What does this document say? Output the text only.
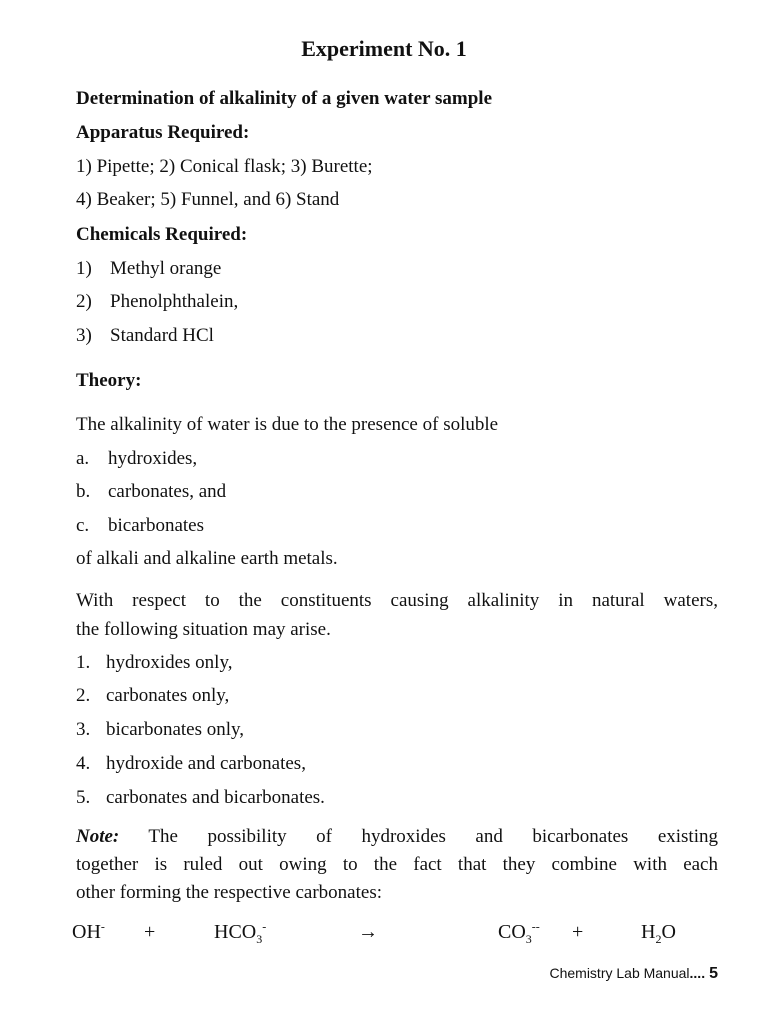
Experiment No. 1
Determination of alkalinity of a given water sample
Apparatus Required:
1) Pipette; 2) Conical flask; 3) Burette;
4) Beaker; 5) Funnel, and 6) Stand
Chemicals Required:
1) Methyl orange
2) Phenolphthalein,
3) Standard HCl
Theory:
The alkalinity of water is due to the presence of soluble
a. hydroxides,
b. carbonates, and
c. bicarbonates
of alkali and alkaline earth metals.
With respect to the constituents causing alkalinity in natural waters,
the following situation may arise.
1. hydroxides only,
2. carbonates only,
3. bicarbonates only,
4. hydroxide and carbonates,
5. carbonates and bicarbonates.
Note: The possibility of hydroxides and bicarbonates existing
together is ruled out owing to the fact that they combine with each
other forming the respective carbonates:
OH- +	$HCO_3^-$	→	$CO_3^{--}$ +	$H_2O$
Chemistry Lab Manual.... 5
